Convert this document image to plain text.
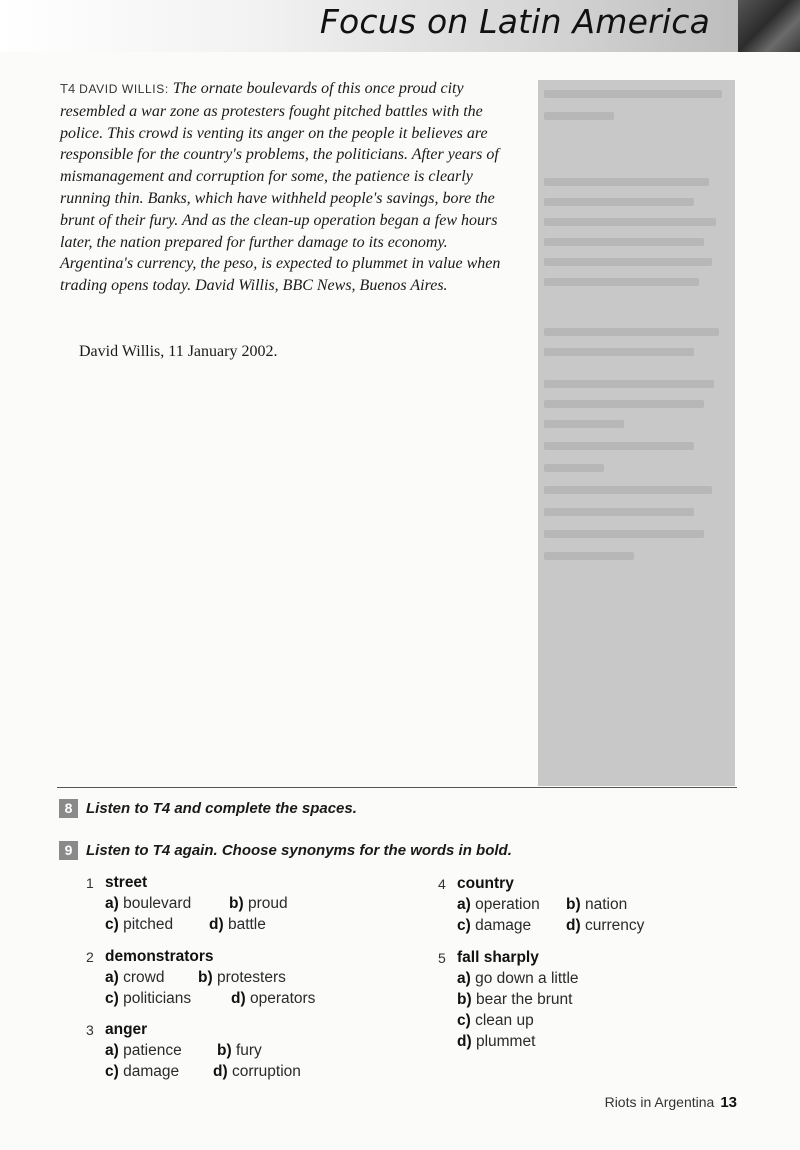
Focus on Latin America
T4 DAVID WILLIS: The ornate boulevards of this once proud city resembled a war zone as protesters fought pitched battles with the police. This crowd is venting its anger on the people it believes are responsible for the country's problems, the politicians. After years of mismanagement and corruption for some, the patience is clearly running thin. Banks, which have withheld people's savings, bore the brunt of their fury. And as the clean-up operation began a few hours later, the nation prepared for further damage to its economy. Argentina's currency, the peso, is expected to plummet in value when trading opens today. David Willis, BBC News, Buenos Aires.
David Willis, 11 January 2002.
8 Listen to T4 and complete the spaces.
9 Listen to T4 again. Choose synonyms for the words in bold.
1 street
a) boulevard b) proud
c) pitched d) battle
2 demonstrators
a) crowd b) protesters
c) politicians	d) operators
3 anger
a) patience b) fury
c) damage d) corruption
4 country
a) operation b) nation
c) damage d) currency
5 fall sharply
a) go down a little
b) bear the brunt
c) clean up
d) plummet
Riots in Argentina 13
